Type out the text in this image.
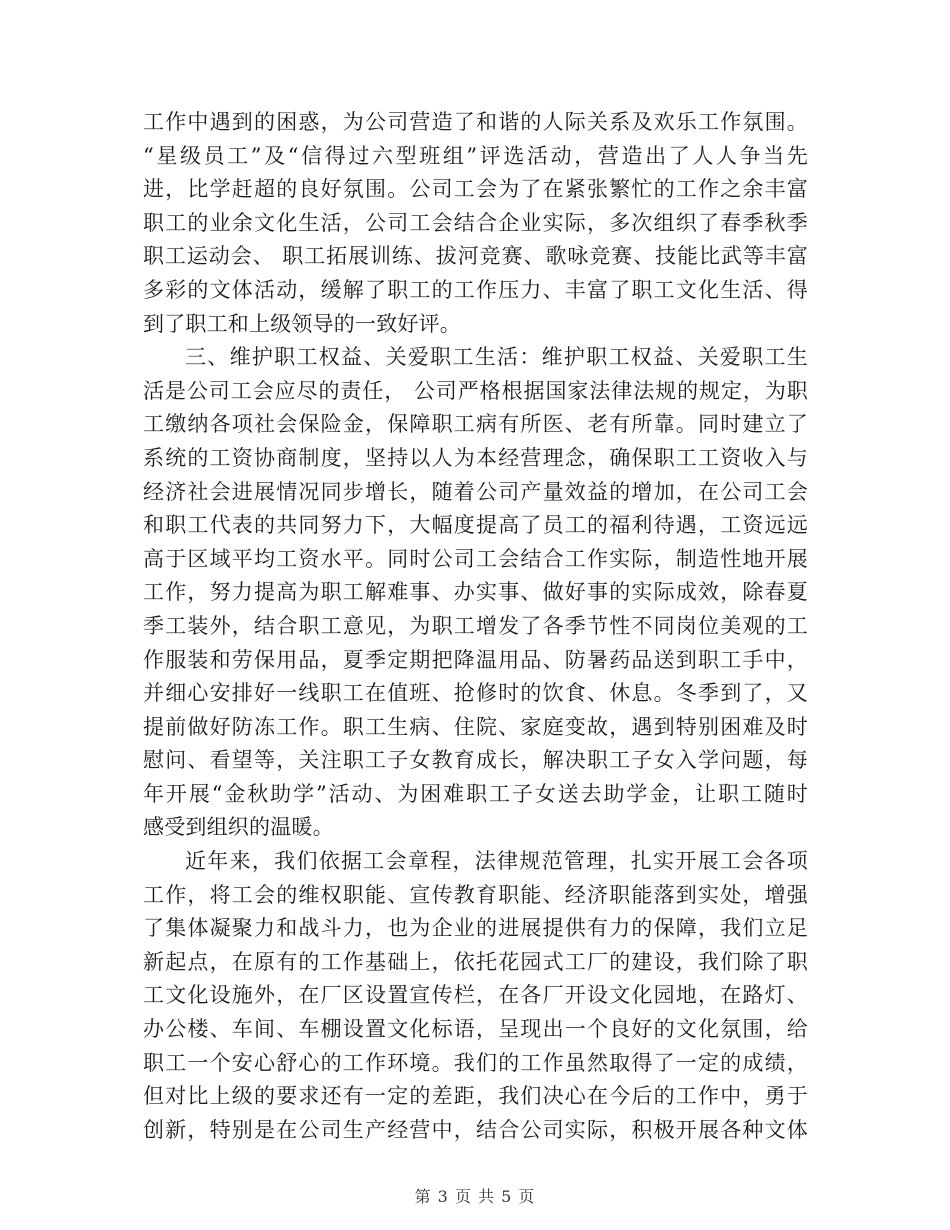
工作中遇到的困惑，为公司营造了和谐的人际关系及欢乐工作氛围。
“星级员工”及“信得过六型班组”评选活动，营造出了人人争当先
进，比学赶超的良好氛围。公司工会为了在紧张繁忙的工作之余丰富
职工的业余文化生活，公司工会结合企业实际，多次组织了春季秋季
职工运动会、 职工拓展训练、拔河竞赛、歌咏竞赛、技能比武等丰富
多彩的文体活动，缓解了职工的工作压力、丰富了职工文化生活、得
到了职工和上级领导的一致好评。

三、维护职工权益、关爱职工生活：维护职工权益、关爱职工生
活是公司工会应尽的责任， 公司严格根据国家法律法规的规定，为职
工缴纳各项社会保险金，保障职工病有所医、老有所靠。同时建立了
系统的工资协商制度，坚持以人为本经营理念，确保职工工资收入与
经济社会进展情况同步增长，随着公司产量效益的增加，在公司工会
和职工代表的共同努力下，大幅度提高了员工的福利待遇，工资远远
高于区域平均工资水平。同时公司工会结合工作实际，制造性地开展
工作，努力提高为职工解难事、办实事、做好事的实际成效，除春夏
季工装外，结合职工意见，为职工增发了各季节性不同岗位美观的工
作服装和劳保用品，夏季定期把降温用品、防暑药品送到职工手中，
并细心安排好一线职工在值班、抢修时的饮食、休息。冬季到了，又
提前做好防冻工作。职工生病、住院、家庭变故，遇到特别困难及时
慰问、看望等，关注职工子女教育成长，解决职工子女入学问题，每
年开展“金秋助学”活动、为困难职工子女送去助学金，让职工随时
感受到组织的温暖。

近年来，我们依据工会章程，法律规范管理，扎实开展工会各项
工作，将工会的维权职能、宣传教育职能、经济职能落到实处，增强
了集体凝聚力和战斗力，也为企业的进展提供有力的保障，我们立足
新起点，在原有的工作基础上，依托花园式工厂的建设，我们除了职
工文化设施外，在厂区设置宣传栏，在各厂开设文化园地，在路灯、
办公楼、车间、车棚设置文化标语，呈现出一个良好的文化氛围，给
职工一个安心舒心的工作环境。我们的工作虽然取得了一定的成绩，
但对比上级的要求还有一定的差距，我们决心在今后的工作中，勇于
创新，特别是在公司生产经营中，结合公司实际，积极开展各种文体

第 3 页 共 5 页
